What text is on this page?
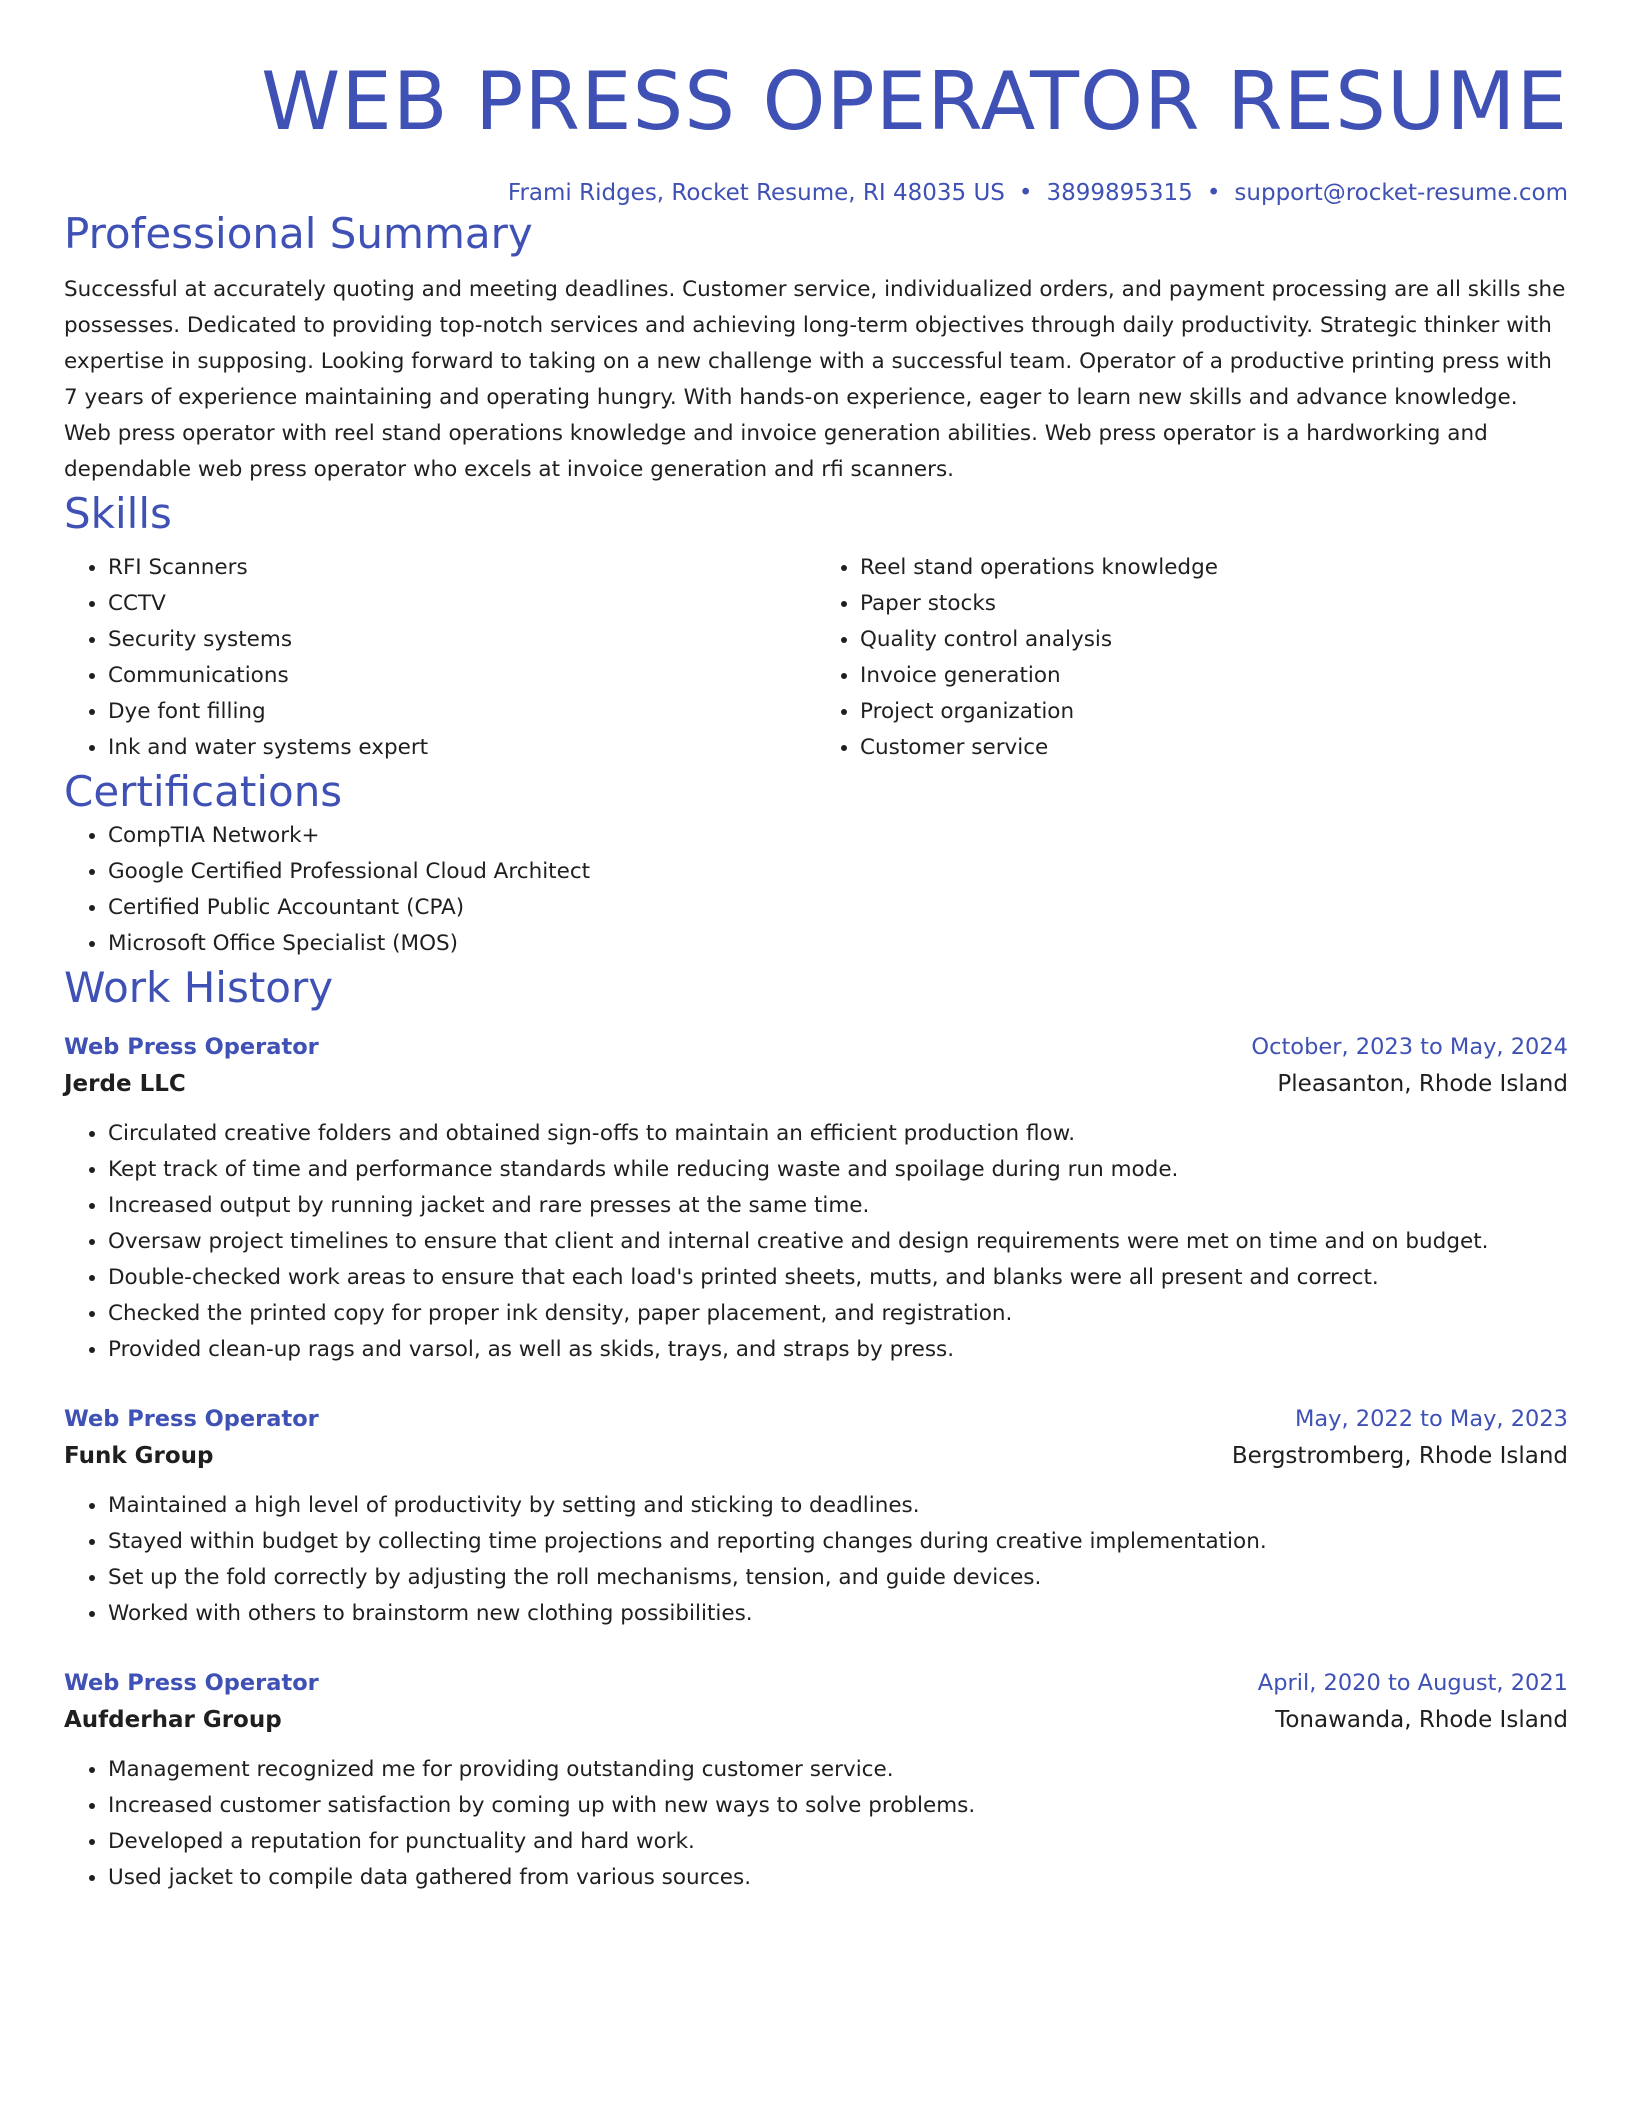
WEB PRESS OPERATOR RESUME
Frami Ridges, Rocket Resume, RI 48035 US • 3899895315 • support@rocket-resume.com
Professional Summary

Successful at accurately quoting and meeting deadlines. Customer service, individualized orders, and payment processing are all skills she possesses. Dedicated to providing top-notch services and achieving long-term objectives through daily productivity. Strategic thinker with expertise in supposing. Looking forward to taking on a new challenge with a successful team. Operator of a productive printing press with 7 years of experience maintaining and operating hungry. With hands-on experience, eager to learn new skills and advance knowledge. Web press operator with reel stand operations knowledge and invoice generation abilities. Web press operator is a hardworking and dependable web press operator who excels at invoice generation and rfi scanners.

Skills
• RFI Scanners
• CCTV
• Security systems
• Communications
• Dye font filling
• Ink and water systems expert
• Reel stand operations knowledge
• Paper stocks
• Quality control analysis
• Invoice generation
• Project organization
• Customer service
Certifications
• CompTIA Network+
• Google Certified Professional Cloud Architect
• Certified Public Accountant (CPA)
• Microsoft Office Specialist (MOS)
Work History
Web Press Operator	October, 2023 to May, 2024
Jerde LLC	Pleasanton, Rhode Island
• Circulated creative folders and obtained sign-offs to maintain an efficient production flow.
• Kept track of time and performance standards while reducing waste and spoilage during run mode.
• Increased output by running jacket and rare presses at the same time.
• Oversaw project timelines to ensure that client and internal creative and design requirements were met on time and on budget.
• Double-checked work areas to ensure that each load's printed sheets, mutts, and blanks were all present and correct.
• Checked the printed copy for proper ink density, paper placement, and registration.
• Provided clean-up rags and varsol, as well as skids, trays, and straps by press.
Web Press Operator	May, 2022 to May, 2023
Funk Group	Bergstromberg, Rhode Island
• Maintained a high level of productivity by setting and sticking to deadlines.
• Stayed within budget by collecting time projections and reporting changes during creative implementation.
• Set up the fold correctly by adjusting the roll mechanisms, tension, and guide devices.
• Worked with others to brainstorm new clothing possibilities.
Web Press Operator	April, 2020 to August, 2021
Aufderhar Group	Tonawanda, Rhode Island
• Management recognized me for providing outstanding customer service.
• Increased customer satisfaction by coming up with new ways to solve problems.
• Developed a reputation for punctuality and hard work.
• Used jacket to compile data gathered from various sources.
